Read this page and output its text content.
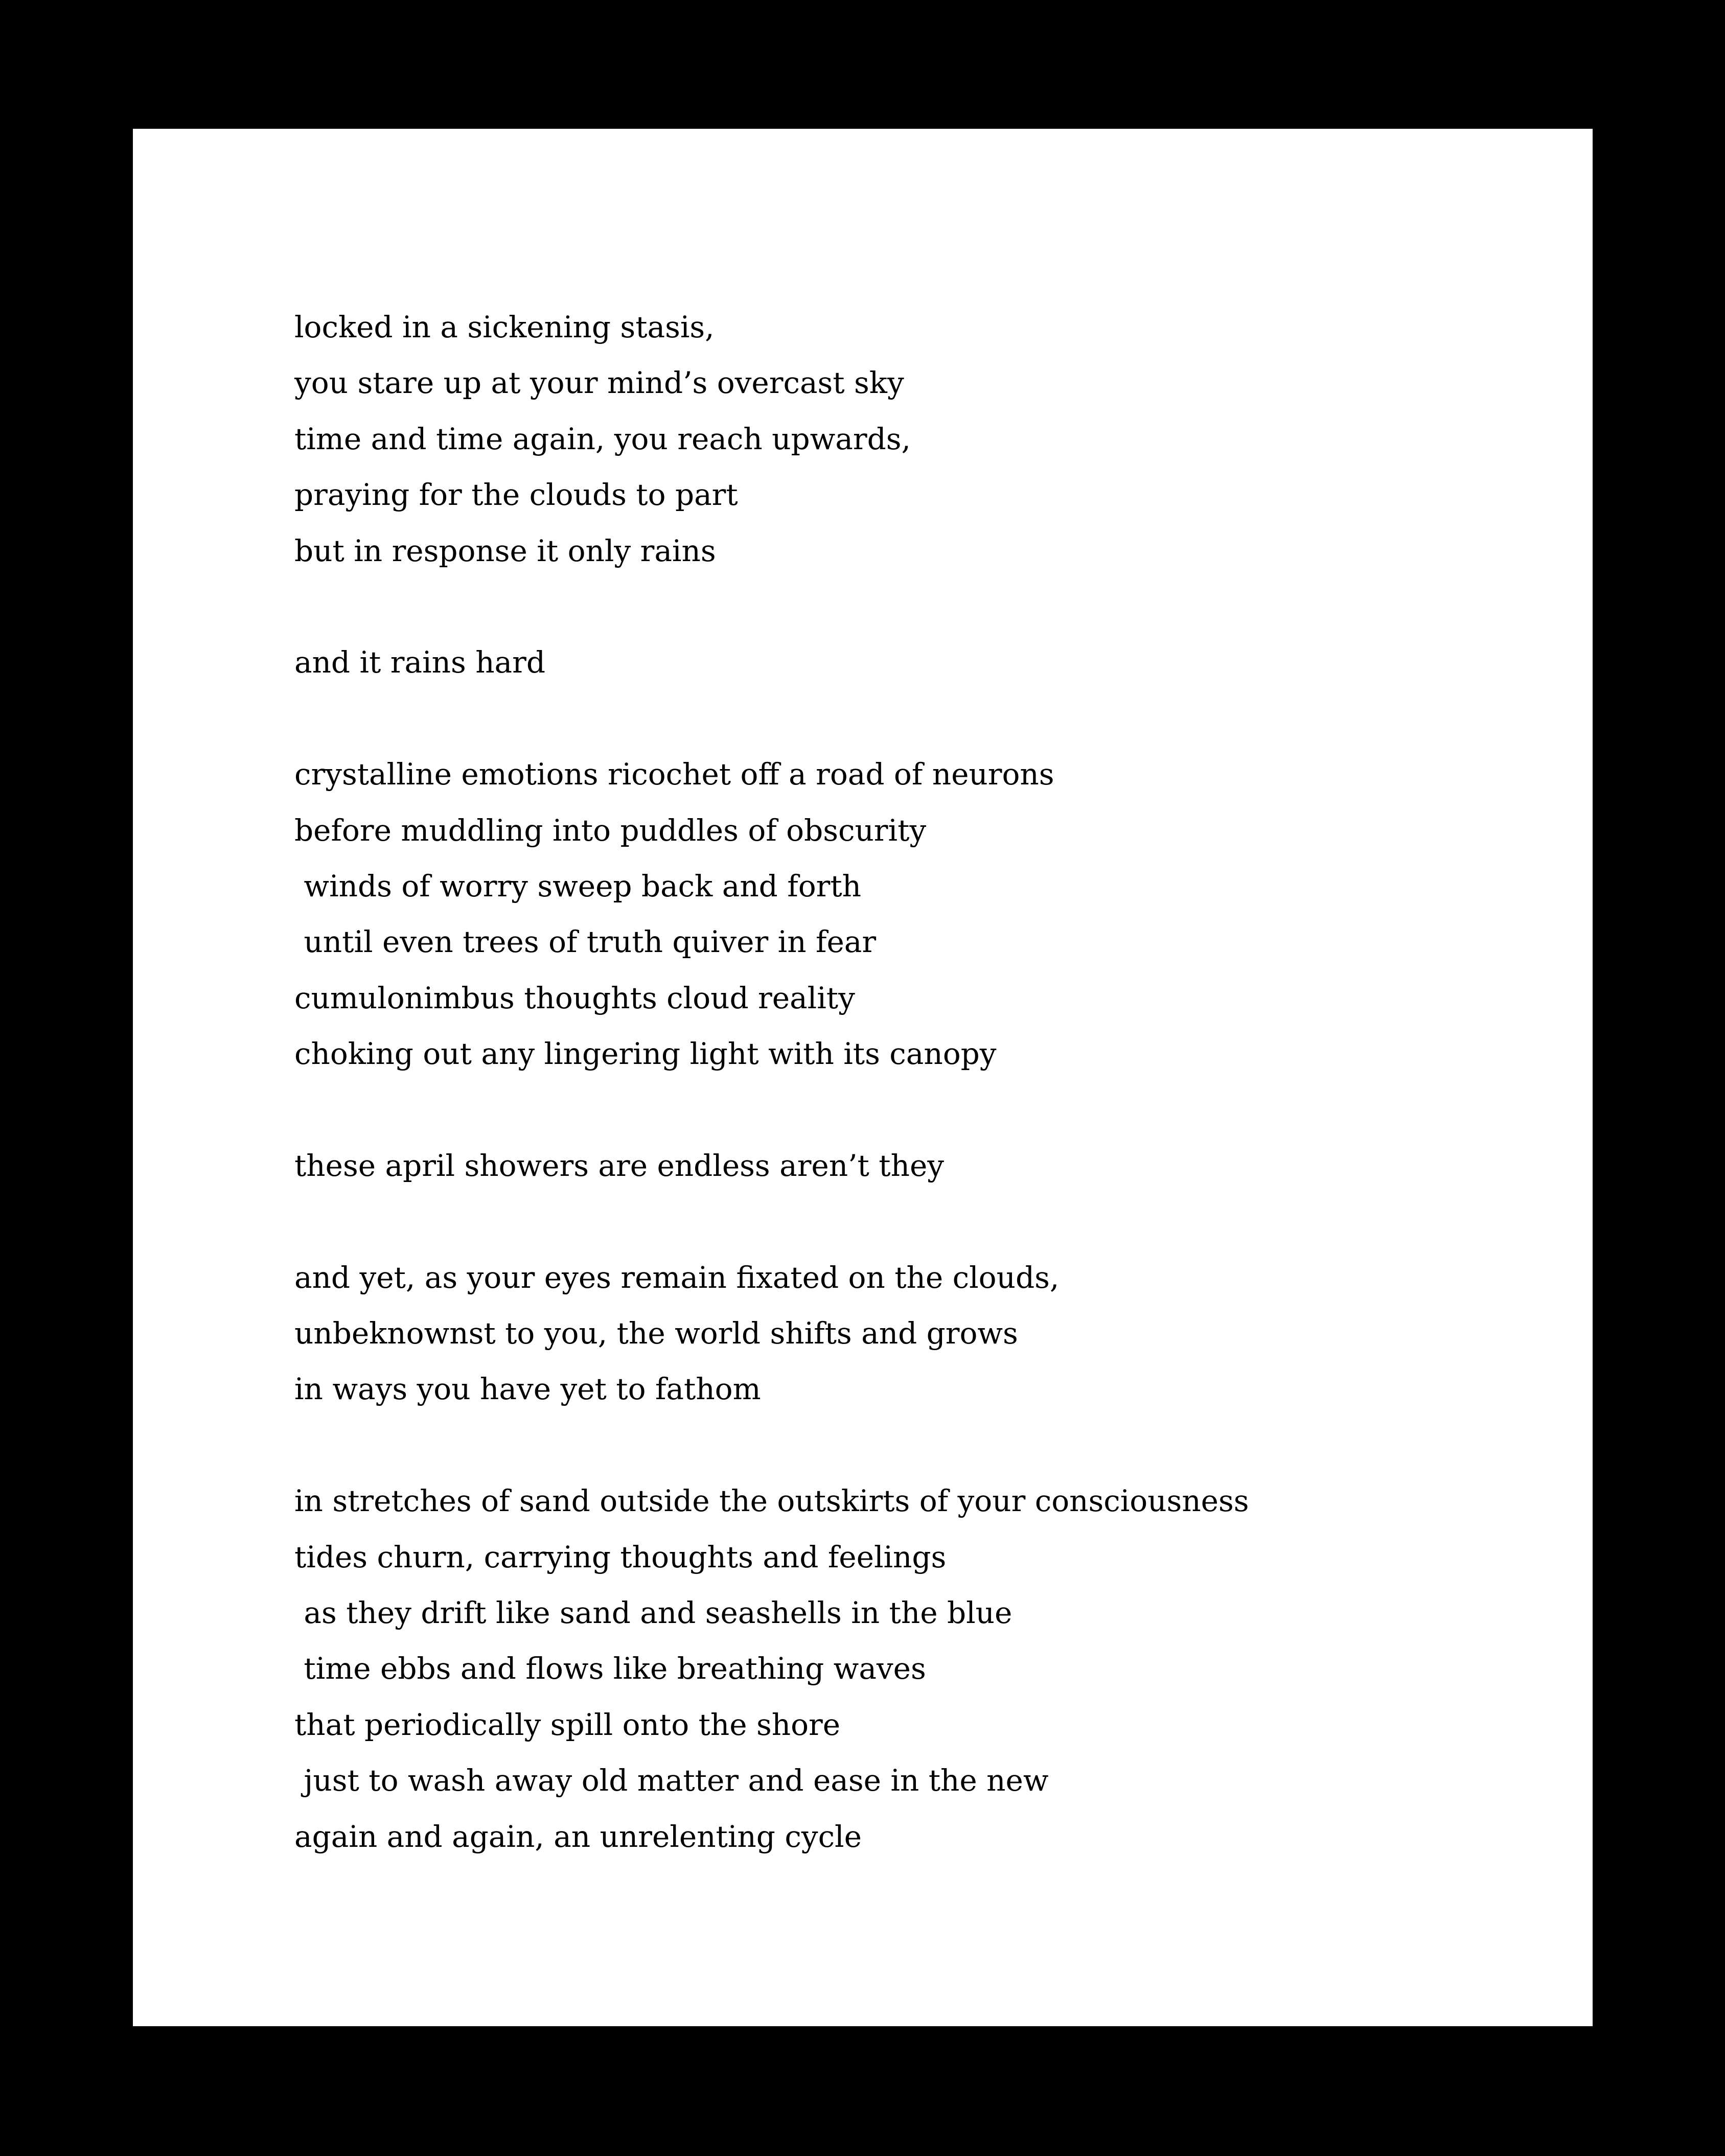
locked in a sickening stasis,
you stare up at your mind’s overcast sky
time and time again, you reach upwards,
praying for the clouds to part
but in response it only rains
and it rains hard
crystalline emotions ricochet off a road of neurons
before muddling into puddles of obscurity
winds of worry sweep back and forth
until even trees of truth quiver in fear
cumulonimbus thoughts cloud reality
choking out any lingering light with its canopy
these april showers are endless aren’t they
and yet, as your eyes remain fixated on the clouds,
unbeknownst to you, the world shifts and grows
in ways you have yet to fathom
in stretches of sand outside the outskirts of your consciousness
tides churn, carrying thoughts and feelings
as they drift like sand and seashells in the blue
time ebbs and flows like breathing waves
that periodically spill onto the shore
just to wash away old matter and ease in the new
again and again, an unrelenting cycle
